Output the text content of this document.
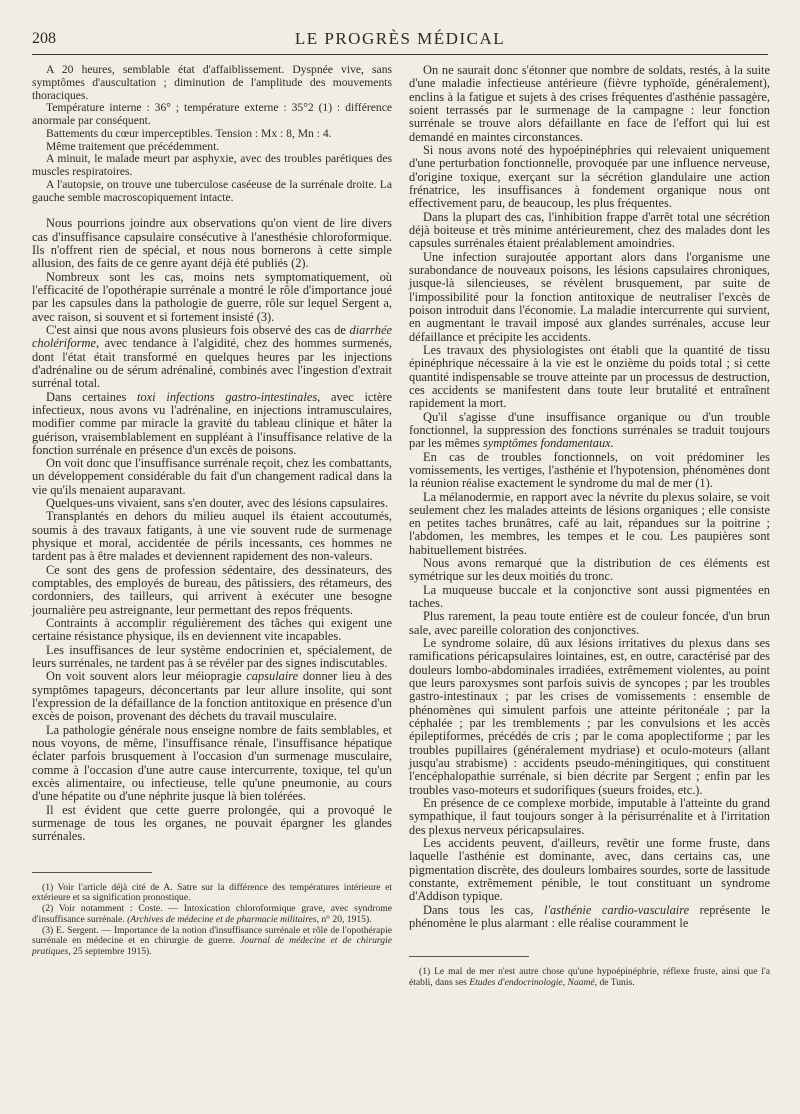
208	LE PROGRÈS MÉDICAL

A 20 heures, semblable état d'affaiblissement. Dyspnée vive, sans symptômes d'auscultation ; diminution de l'amplitude des mouvements thoraciques.

Température interne : 36° ; température externe : 35°2 (1) : différence anormale par conséquent.

Battements du cœur imperceptibles. Tension : Mx : 8, Mn : 4.

Même traitement que précédemment.

A minuit, le malade meurt par asphyxie, avec des troubles parétiques des muscles respiratoires.

A l'autopsie, on trouve une tuberculose caséeuse de la surrénale droite. La gauche semble macroscopiquement intacte.

Nous pourrions joindre aux observations qu'on vient de lire divers cas d'insuffisance capsulaire consécutive à l'anesthésie chloroformique. Ils n'offrent rien de spécial, et nous nous bornerons à cette simple allusion, des faits de ce genre ayant déjà été publiés (2).

Nombreux sont les cas, moins nets symptomatiquement, où l'efficacité de l'opothérapie surrénale a montré le rôle d'importance joué par les capsules dans la pathologie de guerre, rôle sur lequel Sergent a, avec raison, si souvent et si fortement insisté (3).

C'est ainsi que nous avons plusieurs fois observé des cas de diarrhée cholériforme, avec tendance à l'algidité, chez des hommes surmenés, dont l'état était transformé en quelques heures par les injections d'adrénaline ou de sérum adrénaliné, combinés avec l'ingestion d'extrait surrénal total.

Dans certaines toxi infections gastro-intestinales, avec ictère infectieux, nous avons vu l'adrénaline, en injections intramusculaires, modifier comme par miracle la gravité du tableau clinique et hâter la guérison, vraisemblablement en suppléant à l'insuffisance relative de la fonction surrénale en présence d'un excès de poisons.

On voit donc que l'insuffisance surrénale reçoit, chez les combattants, un développement considérable du fait d'un changement radical dans la vie qu'ils menaient auparavant.

Quelques-uns vivaient, sans s'en douter, avec des lésions capsulaires.

Transplantés en dehors du milieu auquel ils étaient accoutumés, soumis à des travaux fatigants, à une vie souvent rude de surmenage physique et moral, accidentée de périls incessants, ces hommes ne tardent pas à être malades et deviennent rapidement des non-valeurs.

Ce sont des gens de profession sédentaire, des dessinateurs, des comptables, des employés de bureau, des pâtissiers, des rétameurs, des cordonniers, des tailleurs, qui arrivent à exécuter une besogne journalière peu astreignante, leur permettant des repos fréquents.

Contraints à accomplir régulièrement des tâches qui exigent une certaine résistance physique, ils en deviennent vite incapables.

Les insuffisances de leur système endocrinien et, spécialement, de leurs surrénales, ne tardent pas à se révéler par des signes indiscutables.

On voit souvent alors leur méiopragie capsulaire donner lieu à des symptômes tapageurs, déconcertants par leur allure insolite, qui sont l'expression de la défaillance de la fonction antitoxique en présence d'un excès de poison, provenant des déchets du travail musculaire.

La pathologie générale nous enseigne nombre de faits semblables, et nous voyons, de même, l'insuffisance rénale, l'insuffisance hépatique éclater parfois brusquement à l'occasion d'un surmenage musculaire, comme à l'occasion d'une autre cause intercurrente, toxique, tel qu'un excès alimentaire, ou infectieuse, telle qu'une pneumonie, au cours d'une hépatite ou d'une néphrite jusque là bien tolérées.

Il est évident que cette guerre prolongée, qui a provoqué le surmenage de tous les organes, ne pouvait épargner les glandes surrénales.

(1) Voir l'article déjà cité de A. Satre sur la différence des températures intérieure et extérieure et sa signification pronostique.

(2) Voir notamment : Coste. — Intoxication chloroformique grave, avec syndrome d'insuffisance surrénale. (Archives de médecine et de pharmacie militaires, n° 20, 1915).

(3) E. Sergent. — Importance de la notion d'insuffisance surrénale et rôle de l'opothérapie surrénale en médecine et en chirurgie de guerre. Journal de médecine et de chirurgie pratiques, 25 septembre 1915).

On ne saurait donc s'étonner que nombre de soldats, restés, à la suite d'une maladie infectieuse antérieure (fièvre typhoïde, généralement), enclins à la fatigue et sujets à des crises fréquentes d'asthénie passagère, soient terrassés par le surmenage de la campagne : leur fonction surrénale se trouve alors défaillante en face de l'effort qui lui est demandé en maintes circonstances.

Si nous avons noté des hypoépinéphries qui relevaient uniquement d'une perturbation fonctionnelle, provoquée par une influence nerveuse, d'origine toxique, exerçant sur la sécrétion glandulaire une action frénatrice, les insuffisances à fondement organique nous ont effectivement paru, de beaucoup, les plus fréquentes.

Dans la plupart des cas, l'inhibition frappe d'arrêt total une sécrétion déjà boiteuse et très minime antérieurement, chez des malades dont les capsules surrénales étaient préalablement amoindries.

Une infection surajoutée apportant alors dans l'organisme une surabondance de nouveaux poisons, les lésions capsulaires chroniques, jusque-là silencieuses, se révèlent brusquement, par suite de l'impossibilité pour la fonction antitoxique de neutraliser l'excès de poison introduit dans l'économie. La maladie intercurrente qui survient, en augmentant le travail imposé aux glandes surrénales, accuse leur défaillance et précipite les accidents.

Les travaux des physiologistes ont établi que la quantité de tissu épinéphrique nécessaire à la vie est le onzième du poids total ; si cette quantité indispensable se trouve atteinte par un processus de destruction, ces accidents se manifestent dans toute leur brutalité et entraînent rapidement la mort.

Qu'il s'agisse d'une insuffisance organique ou d'un trouble fonctionnel, la suppression des fonctions surrénales se traduit toujours par les mêmes symptômes fondamentaux.

En cas de troubles fonctionnels, on voit prédominer les vomissements, les vertiges, l'asthénie et l'hypotension, phénomènes dont la réunion réalise exactement le syndrome du mal de mer (1).

La mélanodermie, en rapport avec la névrite du plexus solaire, se voit seulement chez les malades atteints de lésions organiques ; elle consiste en petites taches brunâtres, café au lait, répandues sur la poitrine ; l'abdomen, les membres, les tempes et le cou. Les paupières sont habituellement bistrées.

Nous avons remarqué que la distribution de ces éléments est symétrique sur les deux moitiés du tronc.

La muqueuse buccale et la conjonctive sont aussi pigmentées en taches.

Plus rarement, la peau toute entière est de couleur foncée, d'un brun sale, avec pareille coloration des conjonctives.

Le syndrome solaire, dû aux lésions irritatives du plexus dans ses ramifications péricapsulaires lointaines, est, en outre, caractérisé par des douleurs lombo-abdominales irradiées, extrêmement violentes, au point que leurs paroxysmes sont parfois suivis de syncopes ; par les troubles gastro-intestinaux ; par les crises de vomissements : ensemble de phénomènes qui simulent parfois une atteinte péritonéale ; par la céphalée ; par les tremblements ; par les convulsions et les accès épileptiformes, précédés de cris ; par le coma apoplectiforme ; par les troubles pupillaires (généralement mydriase) et oculo-moteurs (allant jusqu'au strabisme) : accidents pseudo-méningitiques, qui constituent l'encéphalopathie surrénale, si bien décrite par Sergent ; enfin par les troubles vaso-moteurs et sudorifiques (sueurs froides, etc.).

En présence de ce complexe morbide, imputable à l'atteinte du grand sympathique, il faut toujours songer à la périsurrénalite et à l'irritation des plexus nerveux péricapsulaires.

Les accidents peuvent, d'ailleurs, revêtir une forme fruste, dans laquelle l'asthénie est dominante, avec, dans certains cas, une pigmentation discrète, des douleurs lombaires sourdes, sorte de lassitude constante, extrêmement pénible, le tout constituant un syndrome d'Addison typique.

Dans tous les cas, l'asthénie cardio-vasculaire représente le phénomène le plus alarmant : elle réalise couramment le

(1) Le mal de mer n'est autre chose qu'une hypoépinéphrie, réflexe fruste, ainsi que l'a établi, dans ses Etudes d'endocrinologie, Naamé, de Tunis.
